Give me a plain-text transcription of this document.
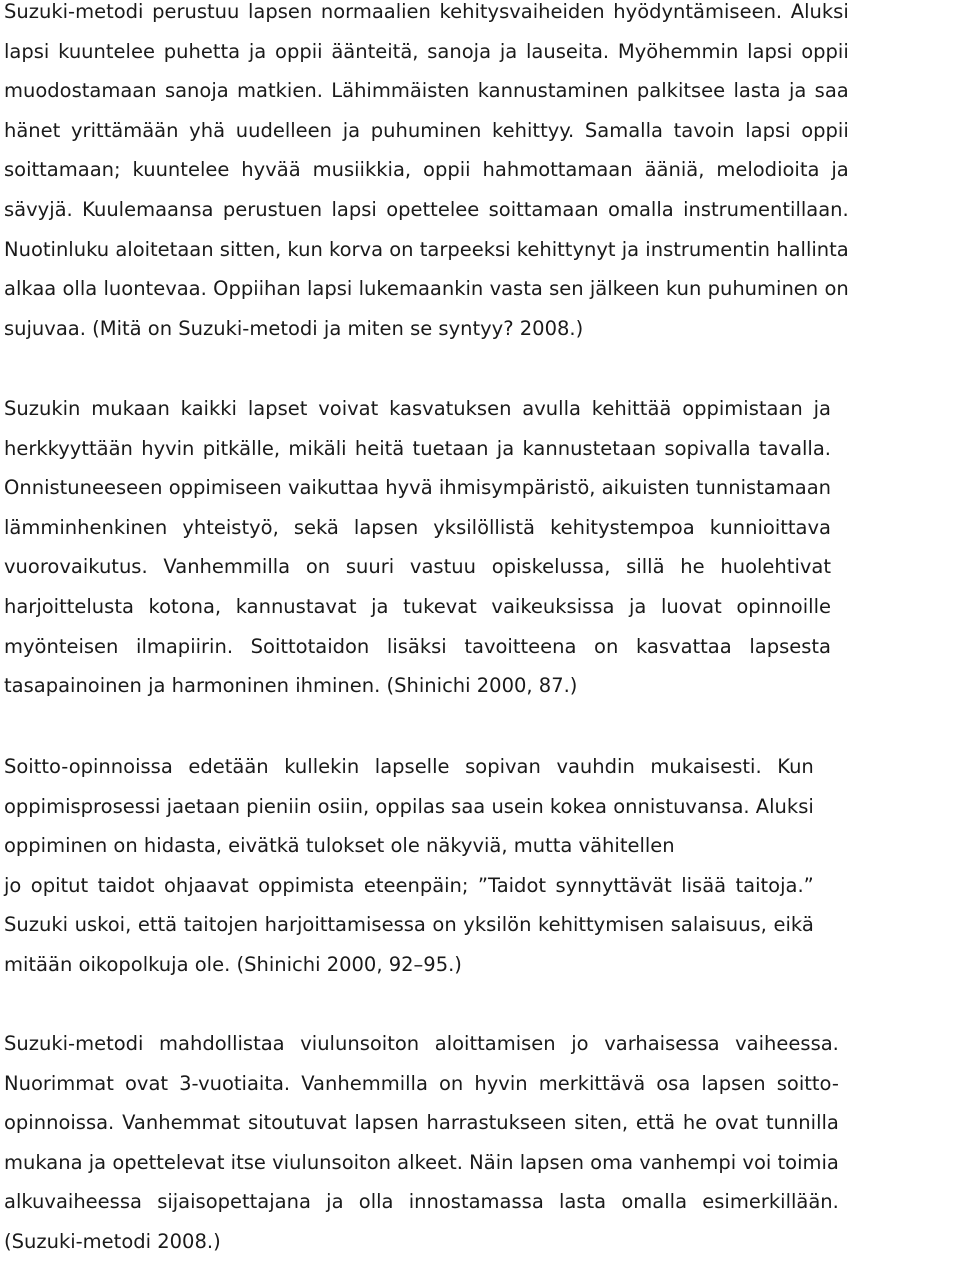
Suzuki-metodi perustuu lapsen normaalien kehitysvaiheiden hyödyntämiseen. Aluksi
lapsi kuuntelee puhetta ja oppii äänteitä, sanoja ja lauseita. Myöhemmin lapsi oppii
muodostamaan sanoja matkien. Lähimmäisten kannustaminen palkitsee lasta ja saa
hänet yrittämään yhä uudelleen ja puhuminen kehittyy. Samalla tavoin lapsi oppii
soittamaan; kuuntelee hyvää musiikkia, oppii hahmottamaan ääniä, melodioita ja
sävyjä. Kuulemaansa perustuen lapsi opettelee soittamaan omalla instrumentillaan.
Nuotinluku aloitetaan sitten, kun korva on tarpeeksi kehittynyt ja instrumentin hallinta
alkaa olla luontevaa. Oppiihan lapsi lukemaankin vasta sen jälkeen kun puhuminen on
sujuvaa. (Mitä on Suzuki-metodi ja miten se syntyy? 2008.)
Suzukin mukaan kaikki lapset voivat kasvatuksen avulla kehittää oppimistaan ja
herkkyyttään hyvin pitkälle, mikäli heitä tuetaan ja kannustetaan sopivalla tavalla.
Onnistuneeseen oppimiseen vaikuttaa hyvä ihmisympäristö, aikuisten tunnistamaan
lämminhenkinen yhteistyö, sekä lapsen yksilöllistä kehitystempoa kunnioittava
vuorovaikutus. Vanhemmilla on suuri vastuu opiskelussa, sillä he huolehtivat
harjoittelusta kotona, kannustavat ja tukevat vaikeuksissa ja luovat opinnoille
myönteisen ilmapiirin. Soittotaidon lisäksi tavoitteena on kasvattaa lapsesta
tasapainoinen ja harmoninen ihminen. (Shinichi 2000, 87.)
Soitto-opinnoissa edetään kullekin lapselle sopivan vauhdin mukaisesti. Kun
oppimisprosessi jaetaan pieniin osiin, oppilas saa usein kokea onnistuvansa. Aluksi
oppiminen on hidasta, eivätkä tulokset ole näkyviä, mutta vähitellen
jo opitut taidot ohjaavat oppimista eteenpäin; ”Taidot synnyttävät lisää taitoja.”
Suzuki uskoi, että taitojen harjoittamisessa on yksilön kehittymisen salaisuus, eikä
mitään oikopolkuja ole. (Shinichi 2000, 92–95.)
Suzuki-metodi mahdollistaa viulunsoiton aloittamisen jo varhaisessa vaiheessa.
Nuorimmat ovat 3-vuotiaita. Vanhemmilla on hyvin merkittävä osa lapsen soitto-
opinnoissa. Vanhemmat sitoutuvat lapsen harrastukseen siten, että he ovat tunnilla
mukana ja opettelevat itse viulunsoiton alkeet. Näin lapsen oma vanhempi voi toimia
alkuvaiheessa sijaisopettajana ja olla innostamassa lasta omalla esimerkillään.
(Suzuki-metodi 2008.)
